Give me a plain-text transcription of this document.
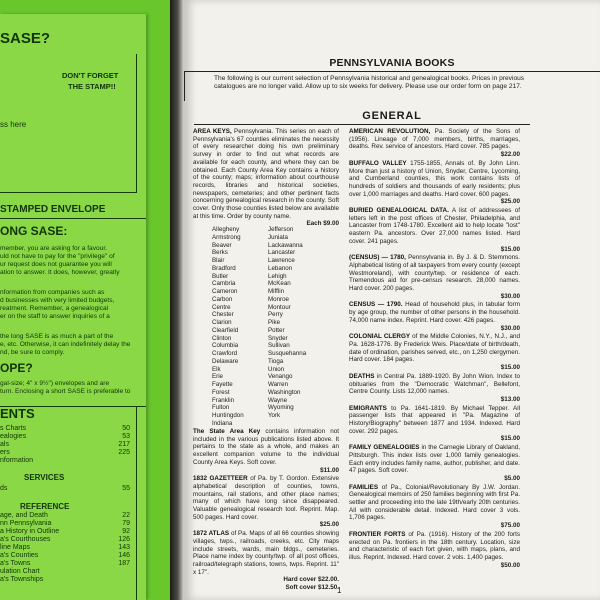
SASE?
DON'T FORGET
THE STAMP!!
ss here
STAMPED ENVELOPE
ONG SASE:
member, you are asking for a favour.
uld not have to pay for the "privilege" of
ur request does not guarantee you will
ation to answer. It does, however, greatly
nformation from companies such as
d businesses with very limited budgets,
reatment. Remember, a genealogical
er on the staff to answer inquiries of a
the long SASE is as much a part of the
e, etc. Otherwise, it can indefinitely delay the
nd, be sure to comply.
OPE?
gal-size; 4" x 9½") envelopes and are
turn. Enclosing a short SASE is preferable to
ENTS
s Charts	50
ealogies	53
als	217
ers	225
nformation
SERVICES
ds	55
REFERENCE
age, and Death	22
nn Pennsylvania	79
a History in Outline	92
a's Courthouses	126
line Maps	143
a's Counties	146
a's Towns	187
ulation Chart
a's Townships
PENNSYLVANIA BOOKS
The following is our current selection of Pennsylvania historical and genealogical books. Prices in previous catalogues are no longer valid. Allow up to six weeks for delivery. Please use our order form on page 217.
GENERAL

AREA KEYS, Pennsylvania. This series on each of Pennsylvania's 67 counties eliminates the necessity of every researcher doing his own preliminary survey in order to find out what records are available for each county, and where they can be obtained. Each County Area Key contains a history of the county; maps; information about courthouse records, libraries and historical societies, newspapers, cemeteries; and other pertinent facts concerning genealogical research in the county. Soft cover. Only those counties listed below are available at this time. Order by county name.
Each $9.00

Allegheny
Armstrong
Beaver
Berks
Blair
Bradford
Butler
Cambria
Cameron
Carbon
Centre
Chester
Clarion
Clearfield
Clinton
Columbia
Crawford
Delaware
Elk
Erie
Fayette
Forest
Franklin
Fulton
Huntingdon
Indiana
Jefferson
Juniata
Lackawanna
Lancaster
Lawrence
Lebanon
Lehigh
McKean
Mifflin
Monroe
Montour
Perry
Pike
Potter
Snyder
Sullivan
Susquehanna
Tioga
Union
Venango
Warren
Washington
Wayne
Wyoming
York

The State Area Key contains information not included in the various publications listed above. It pertains to the state as a whole, and makes an excellent companion volume to the individual County Area Keys. Soft cover.
$11.00

1832 GAZETTEER of Pa. by T. Gordon. Extensive alphabetical description of counties, towns, mountains, rail stations, and other place names; many of which have long since disappeared. Valuable genealogical research tool. Reprint. Map. 500 pages. Hard cover.
$25.00

1872 ATLAS of Pa. Maps of all 66 counties showing villages, twps., railroads, creeks, etc. City maps include streets, wards, main bldgs., cemeteries. Place name index by county/twp. of all post offices, railroad/telegraph stations, towns, twps. Reprint. 11" x 17".
Hard cover $22.00.
Soft cover $12.50.

AMERICAN REVOLUTION, Pa. Society of the Sons of (1956). Lineage of 7,000 members, births, marriages, deaths. Rev. service of ancestors. Hard cover. 785 pages.
$22.00

BUFFALO VALLEY 1755-1855, Annals of. By John Linn. More than just a history of Union, Snyder, Centre, Lycoming, and Cumberland counties, this work contains lists of hundreds of soldiers and thousands of early residents; plus over 1,000 marriages and deaths. Hard cover. 600 pages.
$25.00

BURIED GENEALOGICAL DATA. A list of addressees of letters left in the post offices of Chester, Philadelphia, and Lancaster from 1748-1780. Excellent aid to help locate "lost" eastern Pa. ancestors. Over 27,000 names listed. Hard cover. 241 pages.
$15.00

(CENSUS) — 1780, Pennsylvania in. By J. & D. Stemmons. Alphabetical listing of all taxpayers from every county (except Westmoreland), with county/twp. or residence of each. Tremendous aid for pre-census research. 28,000 names. Hard cover. 200 pages.
$30.00

CENSUS — 1790. Head of household plus, in tabular form by age group, the number of other persons in the household. 74,000 name index. Reprint. Hard cover. 426 pages.
$30.00

COLONIAL CLERGY of the Middle Colonies, N.Y., N.J., and Pa. 1628-1776. By Frederick Weis. Place/date of birth/death, date of ordination, parishes served, etc., on 1,250 clergymen. Hard cover. 184 pages.
$15.00

DEATHS in Central Pa. 1889-1920. By John Wion. Index to obituaries from the "Democratic Watchman", Bellefont, Centre County. Lists 12,000 names.
$13.00

EMIGRANTS to Pa. 1641-1819. By Michael Tepper. All passenger lists that appeared in "Pa. Magazine of History/Biography" between 1877 and 1934. Indexed. Hard cover. 292 pages.
$15.00

FAMILY GENEALOGIES in the Carnegie Library of Oakland, Pittsburgh. This index lists over 1,000 family genealogies. Each entry includes family name, author, publisher, and date. 47 pages. Soft cover.
$5.00

FAMILIES of Pa., Colonial/Revolutionary By J.W. Jordan. Genealogical memoirs of 250 families beginning with first Pa. settler and proceeding into the late 19th/early 20th centuries. All with considerable detail. Indexed. Hard cover 3 vols. 1,706 pages.
$75.00

FRONTIER FORTS of Pa. (1916). History of the 200 forts erected on Pa. frontiers in the 18th century. Location, size and characteristic of each fort given, with maps, plans, and illus. Reprint. Indexed. Hard cover. 2 vols. 1,400 pages.
$50.00

1
